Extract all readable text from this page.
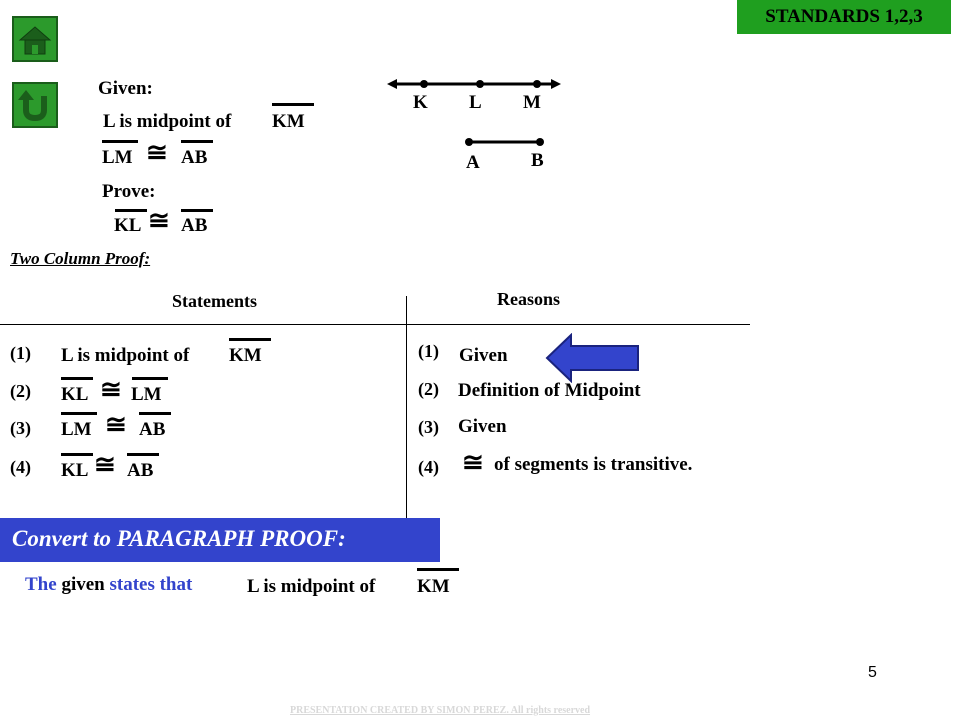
STANDARDS 1,2,3
Given:
L is midpoint of KM
LM ≅ AB
Prove:
KL ≅ AB
K L M
A	B
Two Column Proof:
Statements	Reasons
(1) L is midpoint of KM	(1) Given
(2) KL ≅ LM	(2) Definition of Midpoint
(3) LM ≅ AB	(3) Given
(4) KL ≅ AB	(4) ≅ of segments is transitive.
Convert to PARAGRAPH PROOF:
The given states that	L is midpoint of KM
5
PRESENTATION CREATED BY SIMON PEREZ. All rights reserved
